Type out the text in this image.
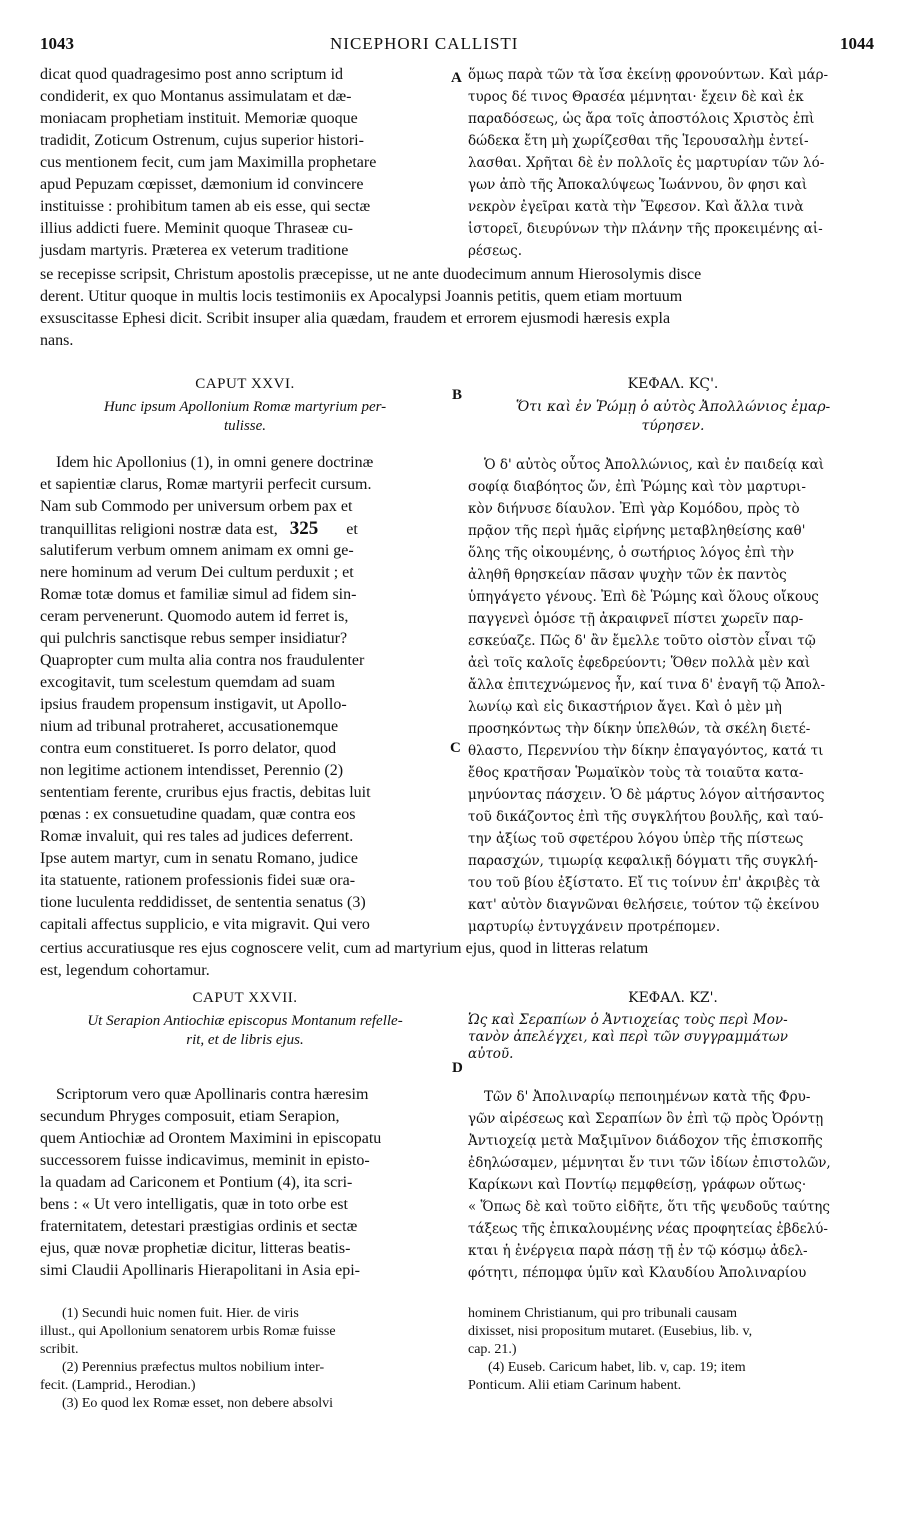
1043	NICEPHORI CALLISTI	1044
A
B
C
D
dicat quod quadragesimo post anno scriptum id
condiderit, ex quo Montanus assimulatam et dæ-
moniacam prophetiam instituit. Memoriæ quoque
tradidit, Zoticum Ostrenum, cujus superior histori-
cus mentionem fecit, cum jam Maximilla prophetare
apud Pepuzam cœpisset, dæmonium id convincere
instituisse : prohibitum tamen ab eis esse, qui sectæ
illius addicti fuere. Meminit quoque Thraseæ cu-
jusdam martyris. Præterea ex veterum traditione
ὅμως παρὰ τῶν τὰ ἴσα ἐκείνῃ φρονούντων. Καὶ μάρ-
τυρος δέ τινος Θρασέα μέμνηται· ἔχειν δὲ καὶ ἐκ
παραδόσεως, ὡς ἄρα τοῖς ἀποστόλοις Χριστὸς ἐπὶ
δώδεκα ἔτη μὴ χωρίζεσθαι τῆς Ἱερουσαλὴμ ἐντεί-
λασθαι. Χρῆται δὲ ἐν πολλοῖς ἐς μαρτυρίαν τῶν λό-
γων ἀπὸ τῆς Ἀποκαλύψεως Ἰωάννου, ὃν φησι καὶ
νεκρὸν ἐγεῖραι κατὰ τὴν Ἔφεσον. Καὶ ἄλλα τινὰ
ἱστορεῖ, διευρύνων τὴν πλάνην τῆς προκειμένης αἱ-
ρέσεως.
se recepisse scripsit, Christum apostolis præcepisse, ut ne ante duodecimum annum Hierosolymis disce
derent. Utitur quoque in multis locis testimoniis ex Apocalypsi Joannis petitis, quem etiam mortuum
exsuscitasse Ephesi dicit. Scribit insuper alia quædam, fraudem et errorem ejusmodi hæresis expla
nans.
CAPUT XXVI.
Hunc ipsum Apollonium Romæ martyrium per-
tulisse.
ΚΕΦΑΛ. ΚϚ'.
Ὅτι καὶ ἐν Ῥώμῃ ὁ αὐτὸς Ἀπολλώνιος ἐμαρ-
τύρησεν.
Idem hic Apollonius (1), in omni genere doctrinæ
et sapientiæ clarus, Romæ martyrii perfecit cursum.
Nam sub Commodo per universum orbem pax et
tranquillitas religioni nostræ data est, 325 et
salutiferum verbum omnem animam ex omni ge-
nere hominum ad verum Dei cultum perduxit ; et
Romæ totæ domus et familiæ simul ad fidem sin-
ceram pervenerunt. Quomodo autem id ferret is,
qui pulchris sanctisque rebus semper insidiatur?
Quapropter cum multa alia contra nos fraudulenter
excogitavit, tum scelestum quemdam ad suam
ipsius fraudem propensum instigavit, ut Apollo-
nium ad tribunal protraheret, accusationemque
contra eum constitueret. Is porro delator, quod
non legitime actionem intendisset, Perennio (2)
sententiam ferente, cruribus ejus fractis, debitas luit
pœnas : ex consuetudine quadam, quæ contra eos
Romæ invaluit, qui res tales ad judices deferrent.
Ipse autem martyr, cum in senatu Romano, judice
ita statuente, rationem professionis fidei suæ ora-
tione luculenta reddidisset, de sententia senatus (3)
capitali affectus supplicio, e vita migravit. Qui vero
Ὁ δ' αὐτὸς οὗτος Ἀπολλώνιος, καὶ ἐν παιδείᾳ καὶ
σοφίᾳ διαβόητος ὤν, ἐπὶ Ῥώμης καὶ τὸν μαρτυρι-
κὸν διήνυσε δίαυλον. Ἐπὶ γὰρ Κομόδου, πρὸς τὸ
πρᾷον τῆς περὶ ἡμᾶς εἰρήνης μεταβληθείσης καθ'
ὅλης τῆς οἰκουμένης, ὁ σωτήριος λόγος ἐπὶ τὴν
ἀληθῆ θρησκείαν πᾶσαν ψυχὴν τῶν ἐκ παντὸς
ὑπηγάγετο γένους. Ἐπὶ δὲ Ῥώμης καὶ ὅλους οἴκους
παγγενεὶ ὁμόσε τῇ ἀκραιφνεῖ πίστει χωρεῖν παρ-
εσκεύαζε. Πῶς δ' ἂν ἔμελλε τοῦτο οἰστὸν εἶναι τῷ
ἀεὶ τοῖς καλοῖς ἐφεδρεύοντι; Ὅθεν πολλὰ μὲν καὶ
ἄλλα ἐπιτεχνώμενος ἦν, καί τινα δ' ἐναγῆ τῷ Ἀπολ-
λωνίῳ καὶ εἰς δικαστήριον ἄγει. Καὶ ὁ μὲν μὴ
προσηκόντως τὴν δίκην ὑπελθών, τὰ σκέλη διετέ-
θλαστο, Περεννίου τὴν δίκην ἐπαγαγόντος, κατά τι
ἔθος κρατῆσαν Ῥωμαϊκὸν τοὺς τὰ τοιαῦτα κατα-
μηνύοντας πάσχειν. Ὁ δὲ μάρτυς λόγον αἰτήσαντος
τοῦ δικάζοντος ἐπὶ τῆς συγκλήτου βουλῆς, καὶ ταύ-
την ἀξίως τοῦ σφετέρου λόγου ὑπὲρ τῆς πίστεως
παρασχών, τιμωρίᾳ κεφαλικῇ δόγματι τῆς συγκλή-
του τοῦ βίου ἐξίστατο. Εἴ τις τοίνυν ἐπ' ἀκριβὲς τὰ
κατ' αὐτὸν διαγνῶναι θελήσειε, τούτον τῷ ἐκείνου
μαρτυρίῳ ἐντυγχάνειν προτρέπομεν.
certius accuratiusque res ejus cognoscere velit, cum ad martyrium ejus, quod in litteras relatum
est, legendum cohortamur.
CAPUT XXVII.
Ut Serapion Antiochiæ episcopus Montanum refelle-
rit, et de libris ejus.
ΚΕΦΑΛ. ΚΖ'.
Ὡς καὶ Σεραπίων ὁ Ἀντιοχείας τοὺς περὶ Μον-
τανὸν ἀπελέγχει, καὶ περὶ τῶν συγγραμμάτων
αὐτοῦ.
Scriptorum vero quæ Apollinaris contra hæresim
secundum Phryges composuit, etiam Serapion,
quem Antiochiæ ad Orontem Maximini in episcopatu
successorem fuisse indicavimus, meminit in episto-
la quadam ad Cariconem et Pontium (4), ita scri-
bens : « Ut vero intelligatis, quæ in toto orbe est
fraternitatem, detestari præstigias ordinis et sectæ
ejus, quæ novæ prophetiæ dicitur, litteras beatis-
simi Claudii Apollinaris Hierapolitani in Asia epi-
Τῶν δ' Ἀπολιναρίῳ πεποιημένων κατὰ τῆς Φρυ-
γῶν αἱρέσεως καὶ Σεραπίων ὃν ἐπὶ τῷ πρὸς Ὀρόντῃ
Ἀντιοχείᾳ μετὰ Μαξιμῖνον διάδοχον τῆς ἐπισκοπῆς
ἐδηλώσαμεν, μέμνηται ἔν τινι τῶν ἰδίων ἐπιστολῶν,
Καρίκωνι καὶ Ποντίῳ πεμφθείσῃ, γράφων οὕτως·
« Ὅπως δὲ καὶ τοῦτο εἰδῆτε, ὅτι τῆς ψευδοῦς ταύτης
τάξεως τῆς ἐπικαλουμένης νέας προφητείας ἐβδελύ-
κται ἡ ἐνέργεια παρὰ πάσῃ τῇ ἐν τῷ κόσμῳ ἀδελ-
φότητι, πέπομφα ὑμῖν καὶ Κλαυδίου Ἀπολιναρίου
(1) Secundi huic nomen fuit. Hier. de viris
illust., qui Apollonium senatorem urbis Romæ fuisse
scribit.
(2) Perennius præfectus multos nobilium inter-
fecit. (Lamprid., Herodian.)
(3) Eo quod lex Romæ esset, non debere absolvi
hominem Christianum, qui pro tribunali causam
dixisset, nisi propositum mutaret. (Eusebius, lib. v,
cap. 21.)
(4) Euseb. Caricum habet, lib. v, cap. 19; item
Ponticum. Alii etiam Carinum habent.
